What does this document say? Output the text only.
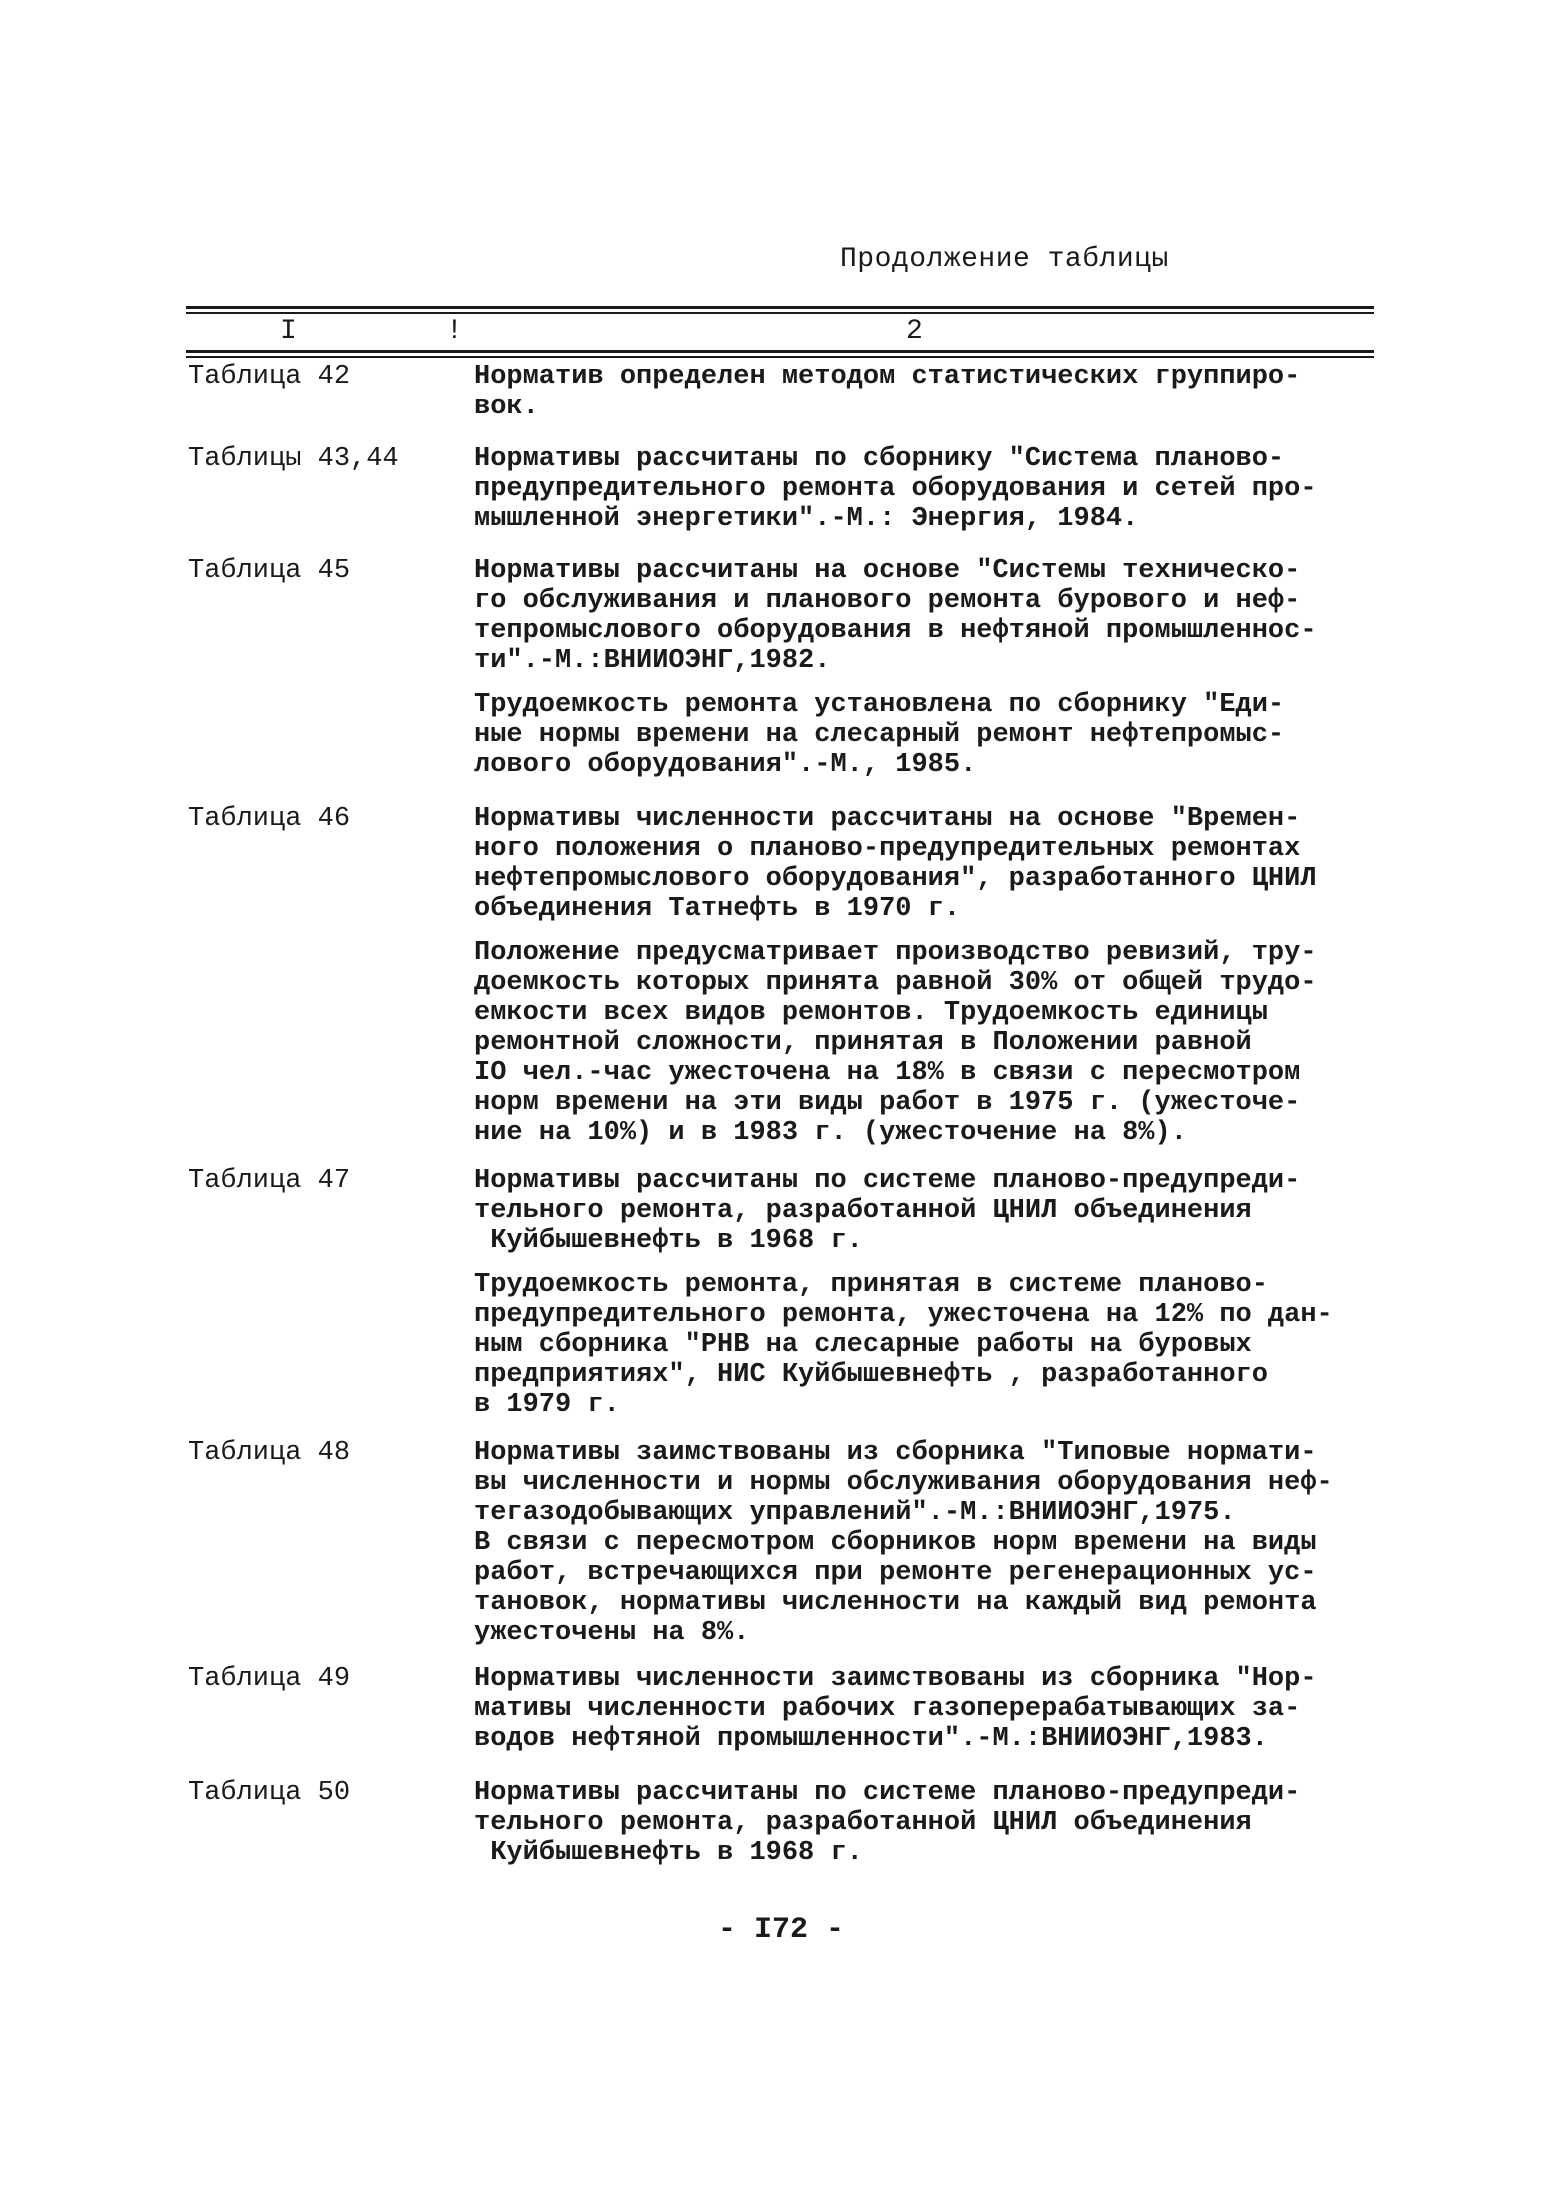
Продолжение таблицы
I	!	2
Таблица 42	Норматив определен методом статистических группиро-
вок.

Таблицы 43,44	Нормативы рассчитаны по сборнику "Система планово-
предупредительного ремонта оборудования и сетей про-
мышленной энергетики".-М.: Энергия, 1984.

Таблица 45	Нормативы рассчитаны на основе "Системы техническо-
го обслуживания и планового ремонта бурового и неф-
тепромыслового оборудования в нефтяной промышленнос-
ти".-М.:ВНИИОЭНГ,1982.

Трудоемкость ремонта установлена по сборнику "Еди-
ные нормы времени на слесарный ремонт нефтепромыс-
лового оборудования".-М., 1985.

Таблица 46	Нормативы численности рассчитаны на основе "Времен-
ного положения о планово-предупредительных ремонтах
нефтепромыслового оборудования", разработанного ЦНИЛ
объединения Татнефть в 1970 г.

Положение предусматривает производство ревизий, тру-
доемкость которых принята равной 30% от общей трудо-
емкости всех видов ремонтов. Трудоемкость единицы
ремонтной сложности, принятая в Положении равной
IO чел.-час ужесточена на 18% в связи с пересмотром
норм времени на эти виды работ в 1975 г. (ужесточе-
ние на 10%) и в 1983 г. (ужесточение на 8%).

Таблица 47	Нормативы рассчитаны по системе планово-предупреди-
тельного ремонта, разработанной ЦНИЛ объединения
Куйбышевнефть в 1968 г.

Трудоемкость ремонта, принятая в системе планово-
предупредительного ремонта, ужесточена на 12% по дан-
ным сборника "РНВ на слесарные работы на буровых
предприятиях", НИС Куйбышевнефть , разработанного
в 1979 г.

Таблица 48	Нормативы заимствованы из сборника "Типовые нормати-
вы численности и нормы обслуживания оборудования неф-
тегазодобывающих управлений".-М.:ВНИИОЭНГ,1975.
В связи с пересмотром сборников норм времени на виды
работ, встречающихся при ремонте регенерационных ус-
тановок, нормативы численности на каждый вид ремонта
ужесточены на 8%.

Таблица 49	Нормативы численности заимствованы из сборника "Нор-
мативы численности рабочих газоперерабатывающих за-
водов нефтяной промышленности".-М.:ВНИИОЭНГ,1983.

Таблица 50	Нормативы рассчитаны по системе планово-предупреди-
тельного ремонта, разработанной ЦНИЛ объединения
Куйбышевнефть в 1968 г.

- I72 -
